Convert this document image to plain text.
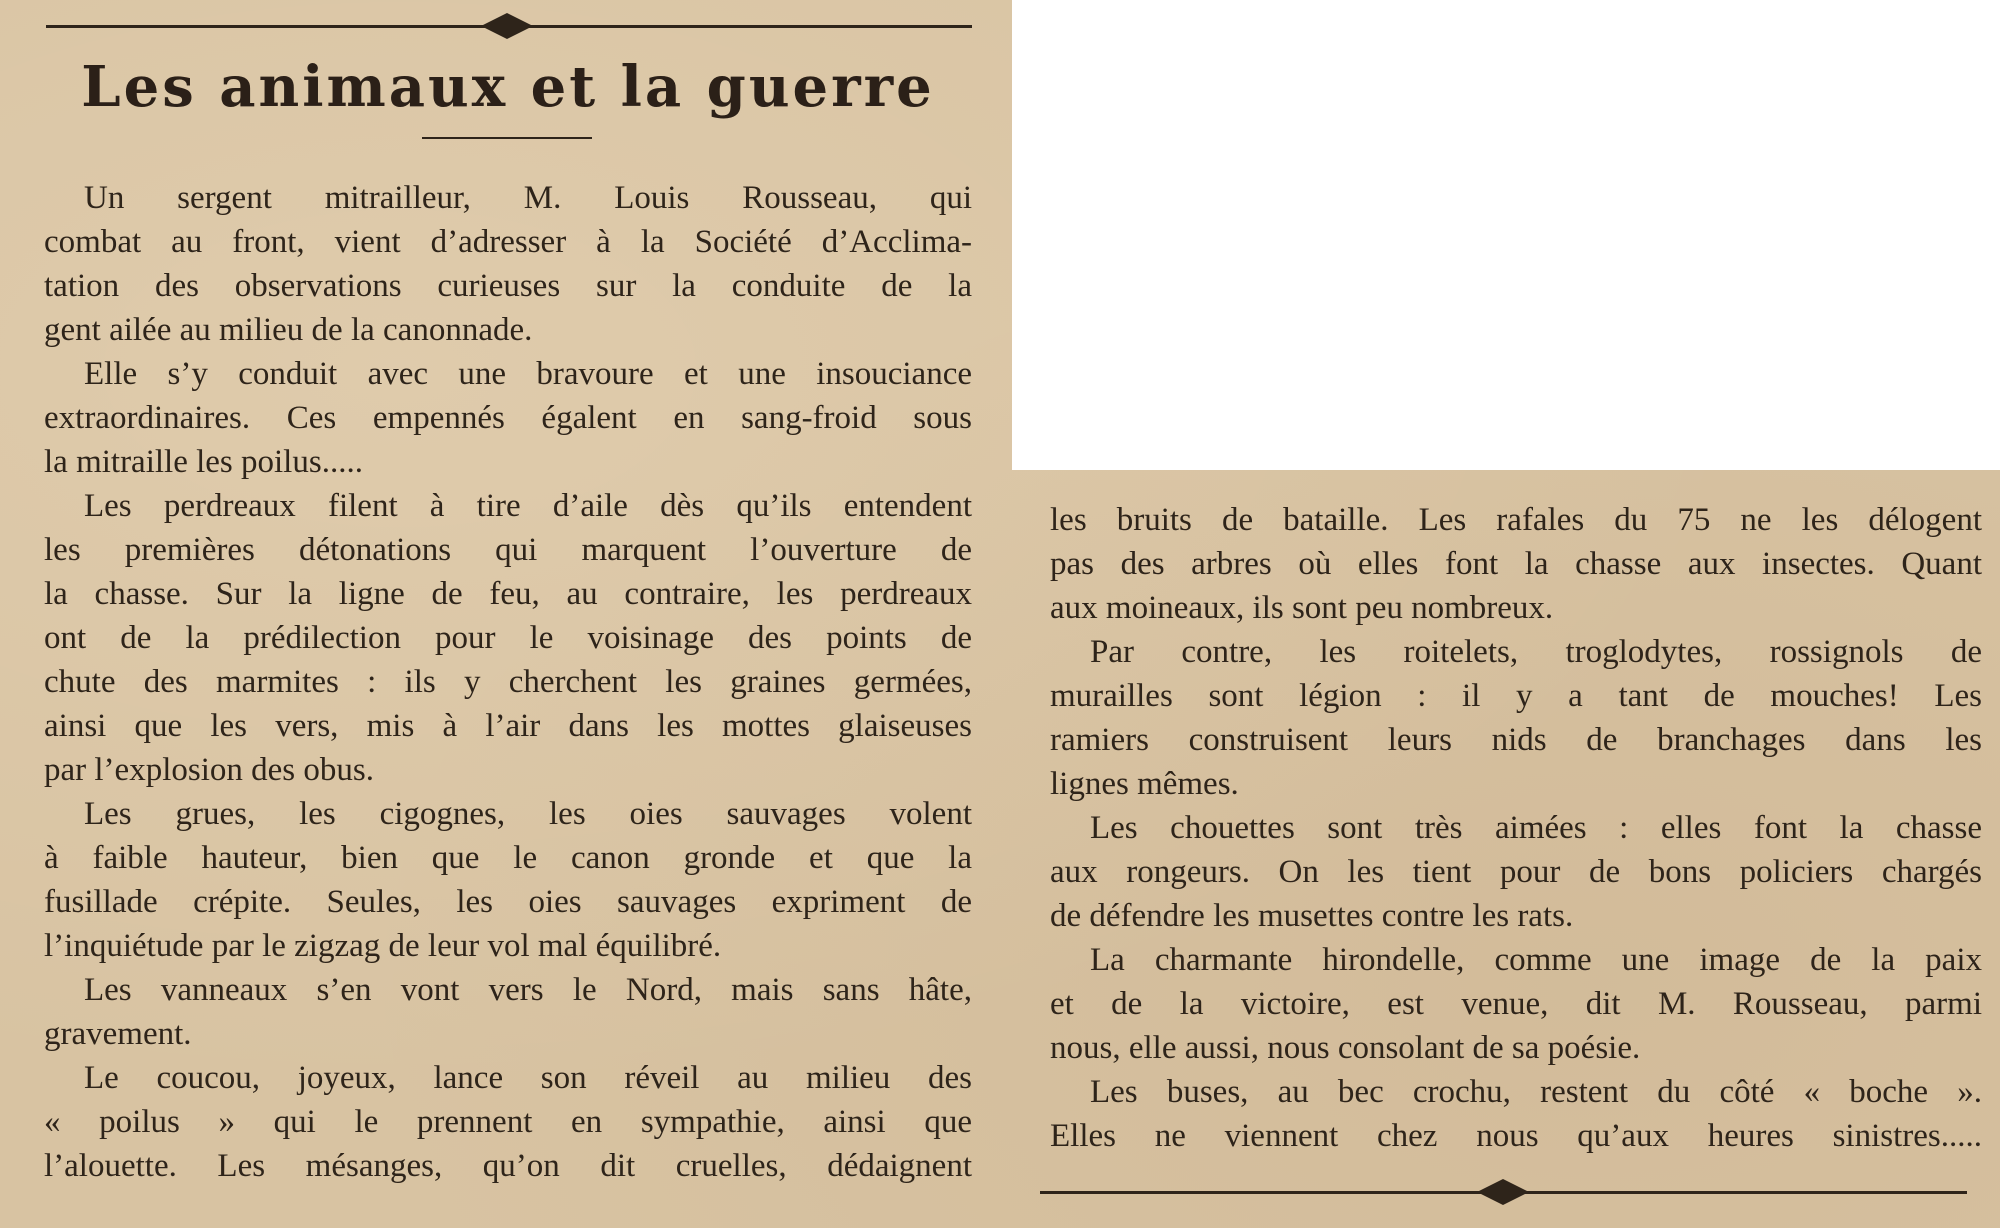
Les animaux et la guerre
Un sergent mitrailleur, M. Louis Rousseau, qui
combat au front, vient d’adresser à la Société d’Acclima-
tation des observations curieuses sur la conduite de la
gent ailée au milieu de la canonnade.
Elle s’y conduit avec une bravoure et une insouciance
extraordinaires. Ces empennés égalent en sang-froid sous
la mitraille les poilus.....
Les perdreaux filent à tire d’aile dès qu’ils entendent
les premières détonations qui marquent l’ouverture de
la chasse. Sur la ligne de feu, au contraire, les perdreaux
ont de la prédilection pour le voisinage des points de
chute des marmites : ils y cherchent les graines germées,
ainsi que les vers, mis à l’air dans les mottes glaiseuses
par l’explosion des obus.
Les grues, les cigognes, les oies sauvages volent
à faible hauteur, bien que le canon gronde et que la
fusillade crépite. Seules, les oies sauvages expriment de
l’inquiétude par le zigzag de leur vol mal équilibré.
Les vanneaux s’en vont vers le Nord, mais sans hâte,
gravement.
Le coucou, joyeux, lance son réveil au milieu des
« poilus » qui le prennent en sympathie, ainsi que
l’alouette. Les mésanges, qu’on dit cruelles, dédaignent
les bruits de bataille. Les rafales du 75 ne les délogent
pas des arbres où elles font la chasse aux insectes. Quant
aux moineaux, ils sont peu nombreux.
Par contre, les roitelets, troglodytes, rossignols de
murailles sont légion : il y a tant de mouches! Les
ramiers construisent leurs nids de branchages dans les
lignes mêmes.
Les chouettes sont très aimées : elles font la chasse
aux rongeurs. On les tient pour de bons policiers chargés
de défendre les musettes contre les rats.
La charmante hirondelle, comme une image de la paix
et de la victoire, est venue, dit M. Rousseau, parmi
nous, elle aussi, nous consolant de sa poésie.
Les buses, au bec crochu, restent du côté « boche ».
Elles ne viennent chez nous qu’aux heures sinistres.....
